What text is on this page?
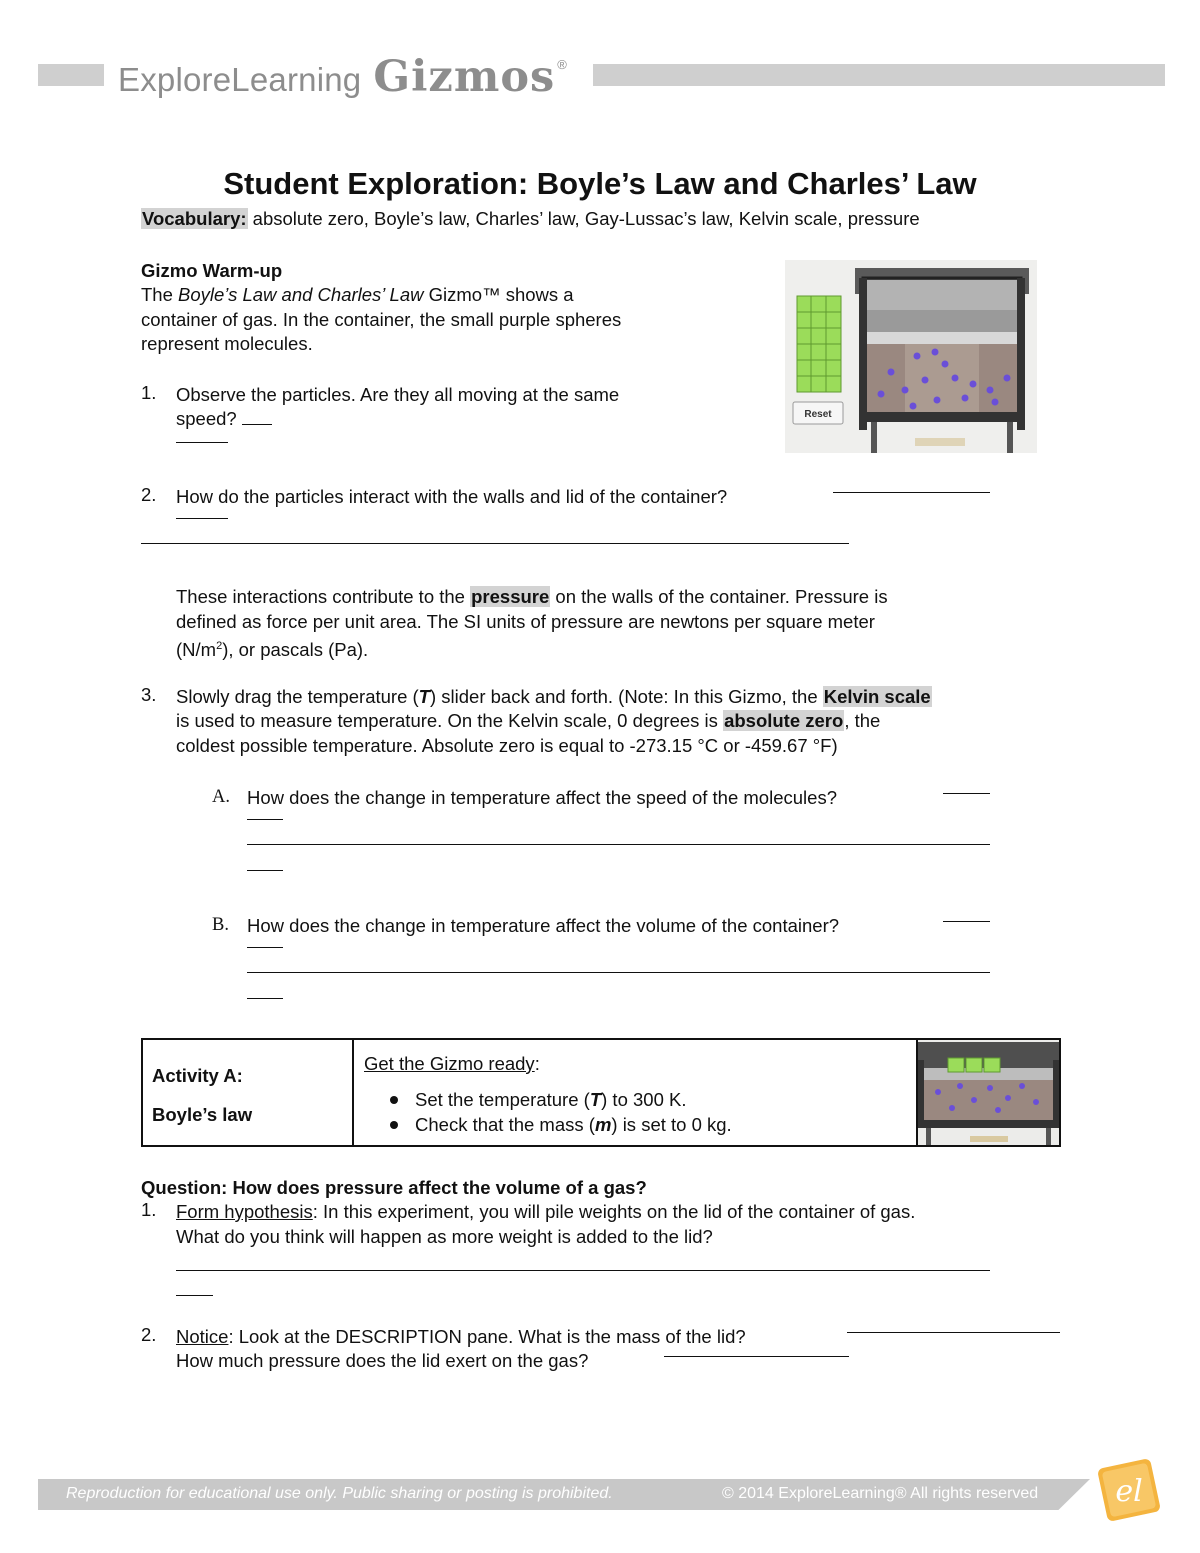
ExploreLearning Gizmos ®
Student Exploration: Boyle’s Law and Charles’ Law
Vocabulary: absolute zero, Boyle’s law, Charles’ law, Gay-Lussac’s law, Kelvin scale, pressure
Gizmo Warm-up
The Boyle’s Law and Charles’ Law Gizmo™ shows a
container of gas. In the container, the small purple spheres
represent molecules.
Reset
1. Observe the particles. Are they all moving at the same
speed?
2. How do the particles interact with the walls and lid of the container?
These interactions contribute to the pressure on the walls of the container. Pressure is
defined as force per unit area. The SI units of pressure are newtons per square meter
$(N/m^2)$, or pascals (Pa).
3. Slowly drag the temperature (T) slider back and forth. (Note: In this Gizmo, the Kelvin scale
is used to measure temperature. On the Kelvin scale, 0 degrees is absolute zero, the
coldest possible temperature. Absolute zero is equal to -273.15 °C or -459.67 °F)
A. How does the change in temperature affect the speed of the molecules?
B. How does the change in temperature affect the volume of the container?
Activity A:
Boyle’s law
Get the Gizmo ready:
Set the temperature (T) to 300 K.
Check that the mass (m) is set to 0 kg.
Question: How does pressure affect the volume of a gas?
1. Form hypothesis: In this experiment, you will pile weights on the lid of the container of gas.
What do you think will happen as more weight is added to the lid?
2. Notice: Look at the DESCRIPTION pane. What is the mass of the lid?
How much pressure does the lid exert on the gas?
Reproduction for educational use only. Public sharing or posting is prohibited.	© 2014 ExploreLearning® All rights reserved	el
